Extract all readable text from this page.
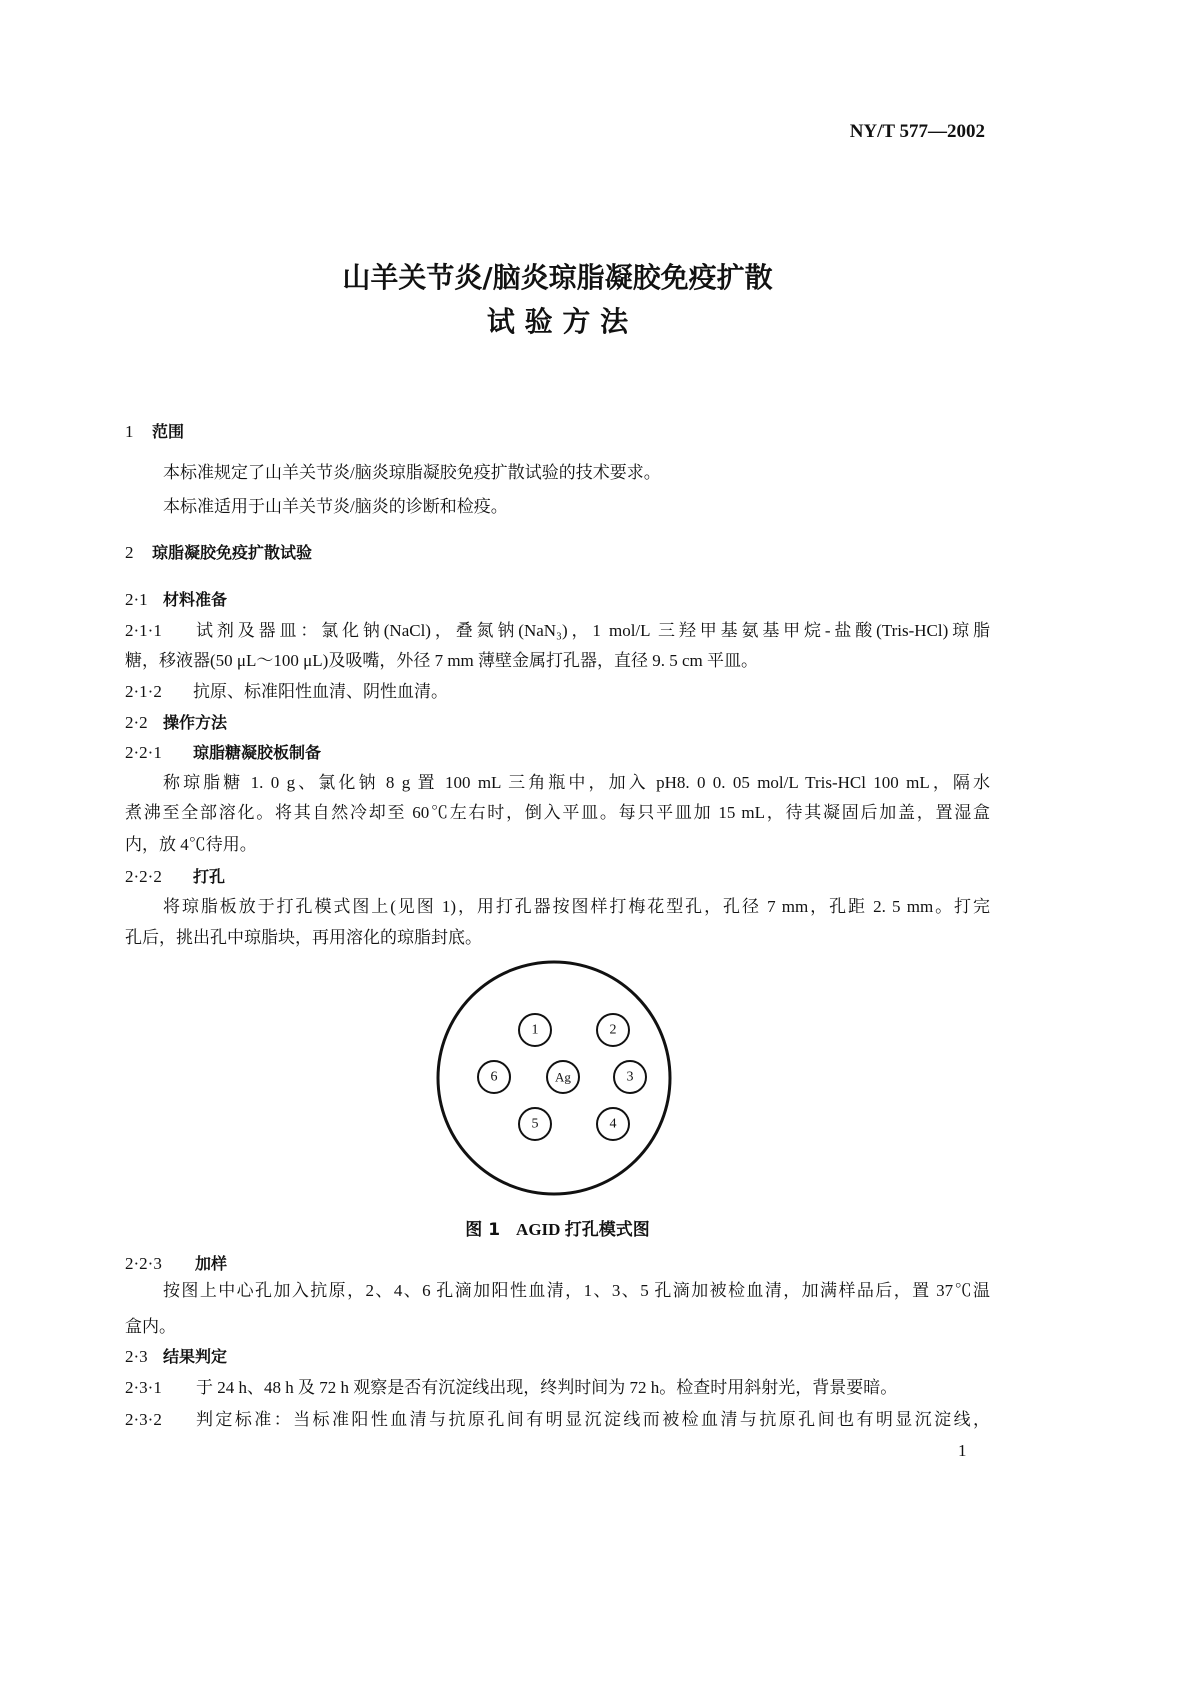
NY/T 577—2002
山羊关节炎/脑炎琼脂凝胶免疫扩散
试 验 方 法
1	范围
本标准规定了山羊关节炎/脑炎琼脂凝胶免疫扩散试验的技术要求。
本标准适用于山羊关节炎/脑炎的诊断和检疫。
2	琼脂凝胶免疫扩散试验
2·1 材料准备
2·1·1	试剂及器皿：氯化钠(NaCl)，叠氮钠(NaN₃)，1 mol/L 三羟甲基氨基甲烷-盐酸(Tris-HCl)琼脂
糖，移液器(50 μL～100 μL)及吸嘴，外径 7 mm 薄壁金属打孔器，直径 9. 5 cm 平皿。
2·1·2	抗原、标准阳性血清、阴性血清。
2·2 操作方法
2·2·1	琼脂糖凝胶板制备
称琼脂糖 1. 0 g、氯化钠 8 g 置 100 mL 三角瓶中，加入 pH8. 0 0. 05 mol/L Tris-HCl 100 mL，隔水
煮沸至全部溶化。将其自然冷却至 60℃左右时，倒入平皿。每只平皿加 15 mL，待其凝固后加盖，置湿盒
内，放 4℃待用。
2·2·2	打孔
将琼脂板放于打孔模式图上(见图 1)，用打孔器按图样打梅花型孔，孔径 7 mm，孔距 2. 5 mm。打完
孔后，挑出孔中琼脂块，再用溶化的琼脂封底。
1	2
6	Ag	3
5	4
图 1 AGID 打孔模式图
2·2·3	加样
按图上中心孔加入抗原，2、4、6 孔滴加阳性血清，1、3、5 孔滴加被检血清，加满样品后，置 37℃温
盒内。
2·3 结果判定
2·3·1	于 24 h、48 h 及 72 h 观察是否有沉淀线出现，终判时间为 72 h。检查时用斜射光，背景要暗。
2·3·2	判定标准：当标准阳性血清与抗原孔间有明显沉淀线而被检血清与抗原孔间也有明显沉淀线，
1
